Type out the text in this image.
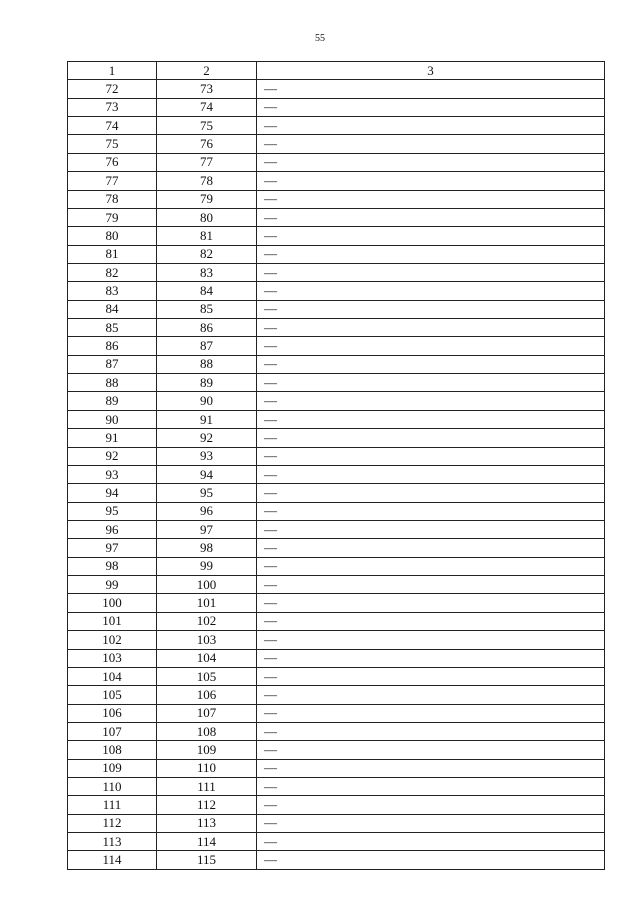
55
1	2	3
72	73	—
73	74	—
74	75	—
75	76	—
76	77	—
77	78	—
78	79	—
79	80	—
80	81	—
81	82	—
82	83	—
83	84	—
84	85	—
85	86	—
86	87	—
87	88	—
88	89	—
89	90	—
90	91	—
91	92	—
92	93	—
93	94	—
94	95	—
95	96	—
96	97	—
97	98	—
98	99	—
99	100	—
100	101	—
101	102	—
102	103	—
103	104	—
104	105	—
105	106	—
106	107	—
107	108	—
108	109	—
109	110	—
110	111	—
111	112	—
112	113	—
113	114	—
114	115	—
